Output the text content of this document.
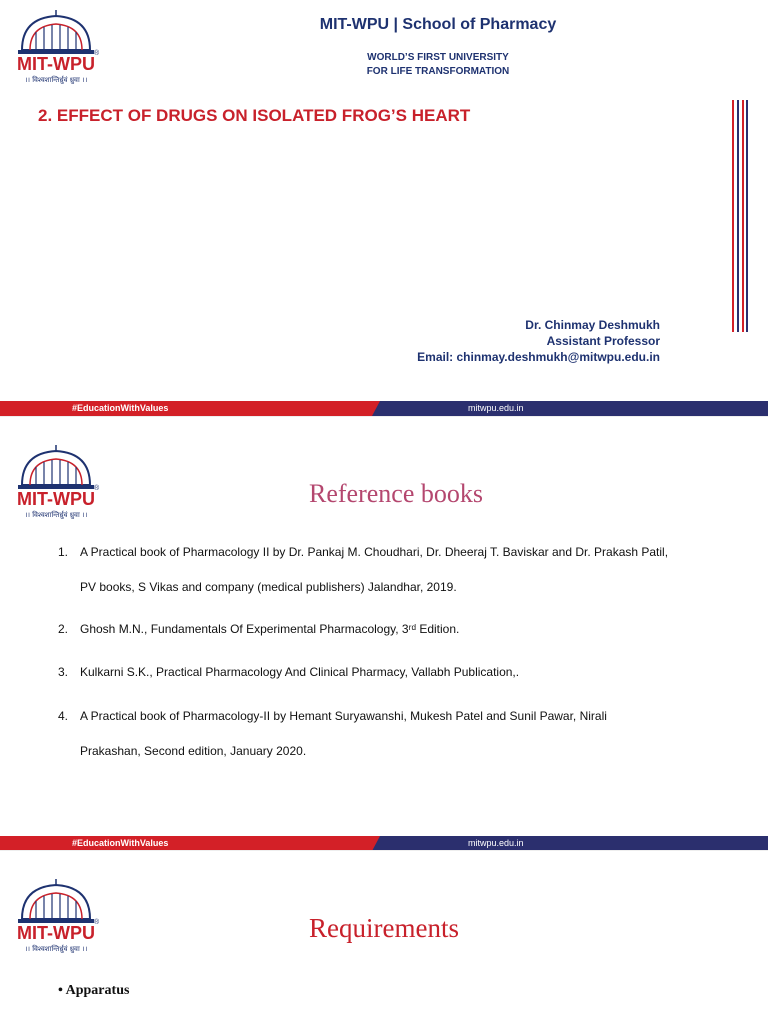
®
MIT-WPU
।। विश्वशान्तिर्ध्रुवं ध्रुवा ।।
MIT-WPU | School of Pharmacy
WORLD’S FIRST UNIVERSITY
FOR LIFE TRANSFORMATION
2. EFFECT OF DRUGS ON ISOLATED FROG’S HEART
Dr. Chinmay Deshmukh
Assistant Professor
Email: chinmay.deshmukh@mitwpu.edu.in
#EducationWithValues	mitwpu.edu.in
®
MIT-WPU
।। विश्वशान्तिर्ध्रुवं ध्रुवा ।।
Reference books
1. A Practical book of Pharmacology II by Dr. Pankaj M. Choudhari, Dr. Dheeraj T. Baviskar and Dr. Prakash Patil,
PV books, S Vikas and company (medical publishers) Jalandhar, 2019.
2. Ghosh M.N., Fundamentals Of Experimental Pharmacology, 3ʳᵈ Edition.
3. Kulkarni S.K., Practical Pharmacology And Clinical Pharmacy, Vallabh Publication,.
4. A Practical book of Pharmacology-II by Hemant Suryawanshi, Mukesh Patel and Sunil Pawar, Nirali
Prakashan, Second edition, January 2020.
#EducationWithValues	mitwpu.edu.in
®
MIT-WPU
।। विश्वशान्तिर्ध्रुवं ध्रुवा ।।
Requirements
• Apparatus
